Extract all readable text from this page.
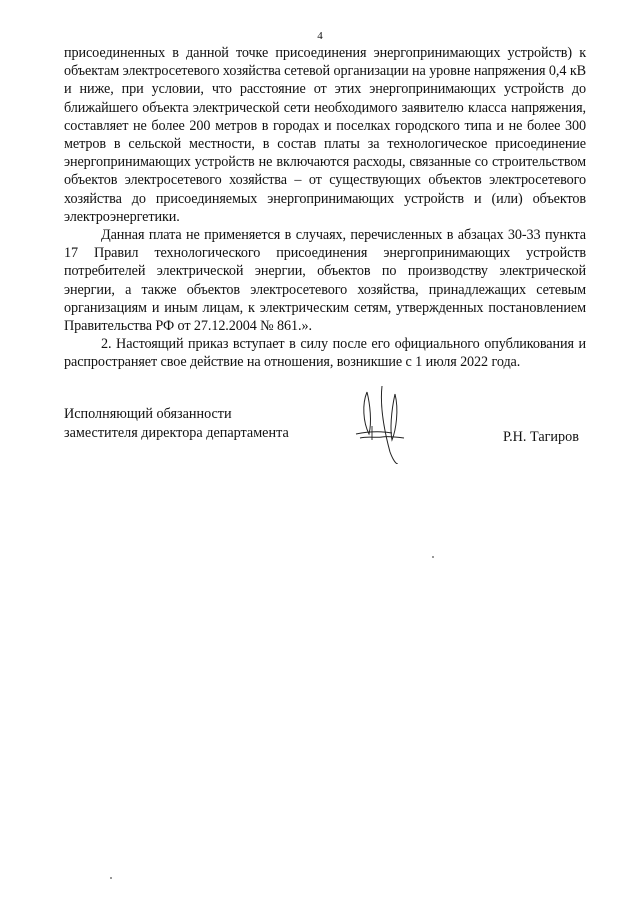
4

присоединенных в данной точке присоединения энергопринимающих устройств) к объектам электросетевого хозяйства сетевой организации на уровне напряжения 0,4 кВ и ниже, при условии, что расстояние от этих энергопринимающих устройств до ближайшего объекта электрической сети необходимого заявителю класса напряжения, составляет не более 200 метров в городах и поселках городского типа и не более 300 метров в сельской местности, в состав платы за технологическое присоединение энергопринимающих устройств не включаются расходы, связанные со строительством объектов электросетевого хозяйства – от существующих объектов электросетевого хозяйства до присоединяемых энергопринимающих устройств и (или) объектов электроэнергетики.

Данная плата не применяется в случаях, перечисленных в абзацах 30-33 пункта 17 Правил технологического присоединения энергопринимающих устройств потребителей электрической энергии, объектов по производству электрической энергии, а также объектов электросетевого хозяйства, принадлежащих сетевым организациям и иным лицам, к электрическим сетям, утвержденных постановлением Правительства РФ от 27.12.2004 № 861.».

2. Настоящий приказ вступает в силу после его официального опубликования и распространяет свое действие на отношения, возникшие с 1 июля 2022 года.

Исполняющий обязанности
заместителя директора департамента	Р.Н. Тагиров
